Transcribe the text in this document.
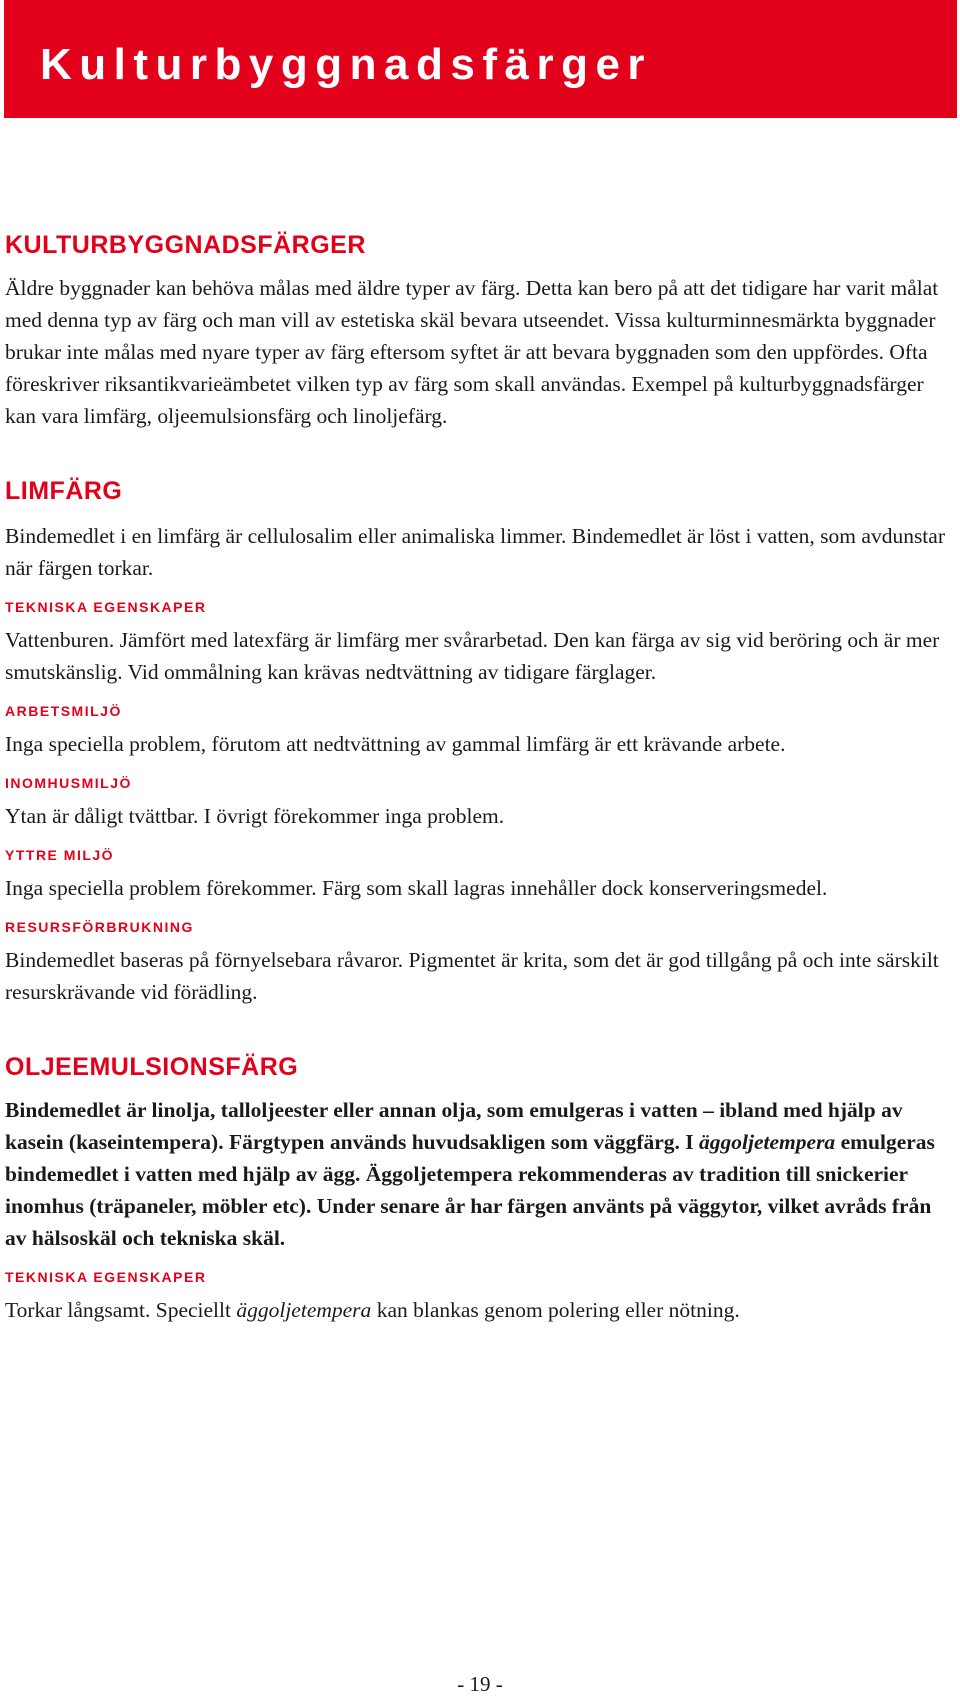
Kulturbyggnadsfärger
KULTURBYGGNADSFÄRGER

Äldre byggnader kan behöva målas med äldre typer av färg. Detta kan bero på att det tidigare har varit målat med denna typ av färg och man vill av estetiska skäl bevara utseendet. Vissa kulturminnesmärkta byggnader brukar inte målas med nyare typer av färg eftersom syftet är att bevara byggnaden som den uppfördes. Ofta föreskriver riksantikvarieämbetet vilken typ av färg som skall användas. Exempel på kulturbyggnadsfärger kan vara limfärg, oljeemulsionsfärg och linoljefärg.

LIMFÄRG

Bindemedlet i en limfärg är cellulosalim eller animaliska limmer. Bindemedlet är löst i vatten, som avdunstar när färgen torkar.

TEKNISKA EGENSKAPER

Vattenburen. Jämfört med latexfärg är limfärg mer svårarbetad. Den kan färga av sig vid beröring och är mer smutskänslig. Vid ommålning kan krävas nedtvättning av tidigare färglager.

ARBETSMILJÖ

Inga speciella problem, förutom att nedtvättning av gammal limfärg är ett krävande arbete.

INOMHUSMILJÖ

Ytan är dåligt tvättbar. I övrigt förekommer inga problem.

YTTRE MILJÖ

Inga speciella problem förekommer. Färg som skall lagras innehåller dock konserveringsmedel.

RESURSFÖRBRUKNING

Bindemedlet baseras på förnyelsebara råvaror. Pigmentet är krita, som det är god tillgång på och inte särskilt resurskrävande vid förädling.

OLJEEMULSIONSFÄRG

Bindemedlet är linolja, talloljeester eller annan olja, som emulgeras i vatten – ibland med hjälp av kasein (kaseintempera). Färgtypen används huvudsakligen som väggfärg. I äggoljetempera emulgeras bindemedlet i vatten med hjälp av ägg. Äggoljetempera rekommenderas av tradition till snickerier inomhus (träpaneler, möbler etc). Under senare år har färgen använts på väggytor, vilket avråds från av hälsoskäl och tekniska skäl.

TEKNISKA EGENSKAPER

Torkar långsamt. Speciellt äggoljetempera kan blankas genom polering eller nötning.

- 19 -
